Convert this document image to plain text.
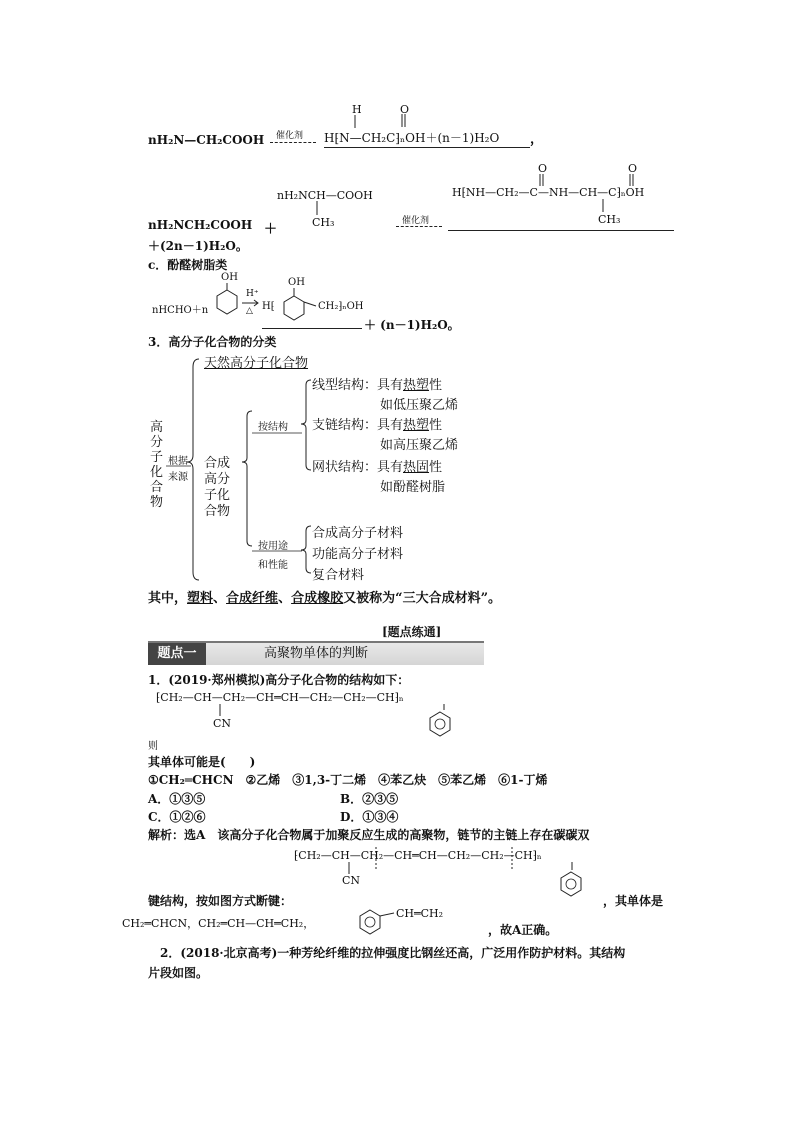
nH₂N—CH₂COOH 催化剂
H	O
H⁅N—CH₂C⁆ₙOH＋(n－1)H₂O ，
nH₂NCH—COOH
CH₃
O	O
H⁅NH—CH₂—C—NH—CH—C⁆ₙOH
CH₃
nH₂NCH₂COOH ＋
催化剂
＋(2n－1)H₂O。
c．酚醛树脂类
nHCHO＋n
OH
H⁺
△ H⁅
OH
CH₂⁆ₙOH
＋ (n－1)H₂O。
3．高分子化合物的分类
高
分
子
化
合
物
根据
来源
天然高分子化合物
合成
高分
子化
合物
按结构
按用途
和性能
线型结构：具有热塑性
如低压聚乙烯
支链结构：具有热塑性
如高压聚乙烯
网状结构：具有热固性
如酚醛树脂
合成高分子材料
功能高分子材料
复合材料
其中，塑料、合成纤维、合成橡胶又被称为“三大合成材料”。
[题点练通]
高聚物单体的判断
题点一
1．(2019·郑州模拟)高分子化合物的结构如下：
⁅CH₂—CH—CH₂—CH═CH—CH₂—CH₂—CH⁆ₙ
CN
则
其单体可能是(　　)
①CH₂═CHCN　②乙烯　③1,3-丁二烯　④苯乙炔　⑤苯乙烯　⑥1-丁烯
A．①③⑤	B．②③⑤
C．①②⑥	D．①③④
解析：选A　该高分子化合物属于加聚反应生成的高聚物，链节的主链上存在碳碳双
⁅CH₂—CH—CH₂—CH═CH—CH₂—CH₂—CH⁆ₙ
CN
键结构，按如图方式断键：	，其单体是
CH₂═CHCN，CH₂═CH—CH═CH₂，
CH═CH₂
，故A正确。
2．(2018·北京高考)一种芳纶纤维的拉伸强度比钢丝还高，广泛用作防护材料。其结构
片段如图。
